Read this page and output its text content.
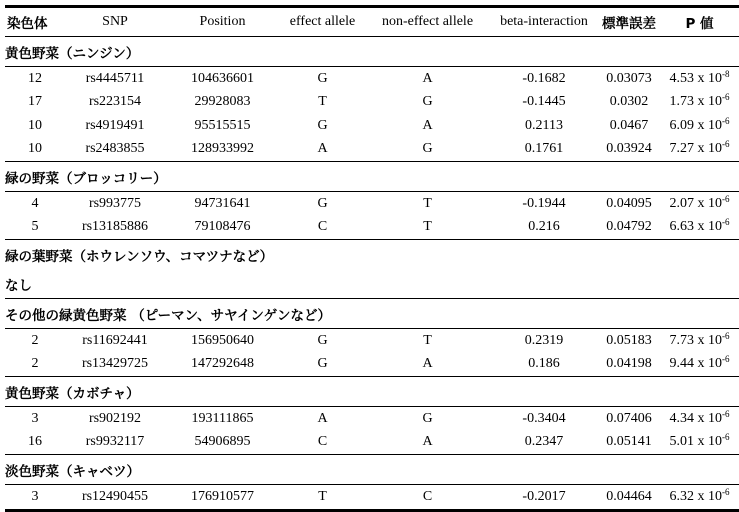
染色体	SNP	Position	effect allele	non-effect allele	beta-interaction	標準誤差	P 値
黄色野菜（ニンジン）							
12	rs4445711	104636601	G	A	-0.1682	0.03073	4.53 x $10^{-8}$
17	rs223154	29928083	T	G	-0.1445	0.0302	1.73 x $10^{-6}$
10	rs4919491	95515515	G	A	0.2113	0.0467	6.09 x $10^{-6}$
10	rs2483855	128933992	A	G	0.1761	0.03924	7.27 x $10^{-6}$
緑の野菜（ブロッコリー）							
4	rs993775	94731641	G	T	-0.1944	0.04095	2.07 x $10^{-6}$
5	rs13185886	79108476	C	T	0.216	0.04792	6.63 x $10^{-6}$
緑の葉野菜（ホウレンソウ、コマツナなど）							
なし							
その他の緑黄色野菜 （ピーマン、サヤインゲンなど）							
2	rs11692441	156950640	G	T	0.2319	0.05183	7.73 x $10^{-6}$
2	rs13429725	147292648	G	A	0.186	0.04198	9.44 x $10^{-6}$
黄色野菜（カボチャ）							
3	rs902192	193111865	A	G	-0.3404	0.07406	4.34 x $10^{-6}$
16	rs9932117	54906895	C	A	0.2347	0.05141	5.01 x $10^{-6}$
淡色野菜（キャベツ）							
3	rs12490455	176910577	T	C	-0.2017	0.04464	6.32 x $10^{-6}$
